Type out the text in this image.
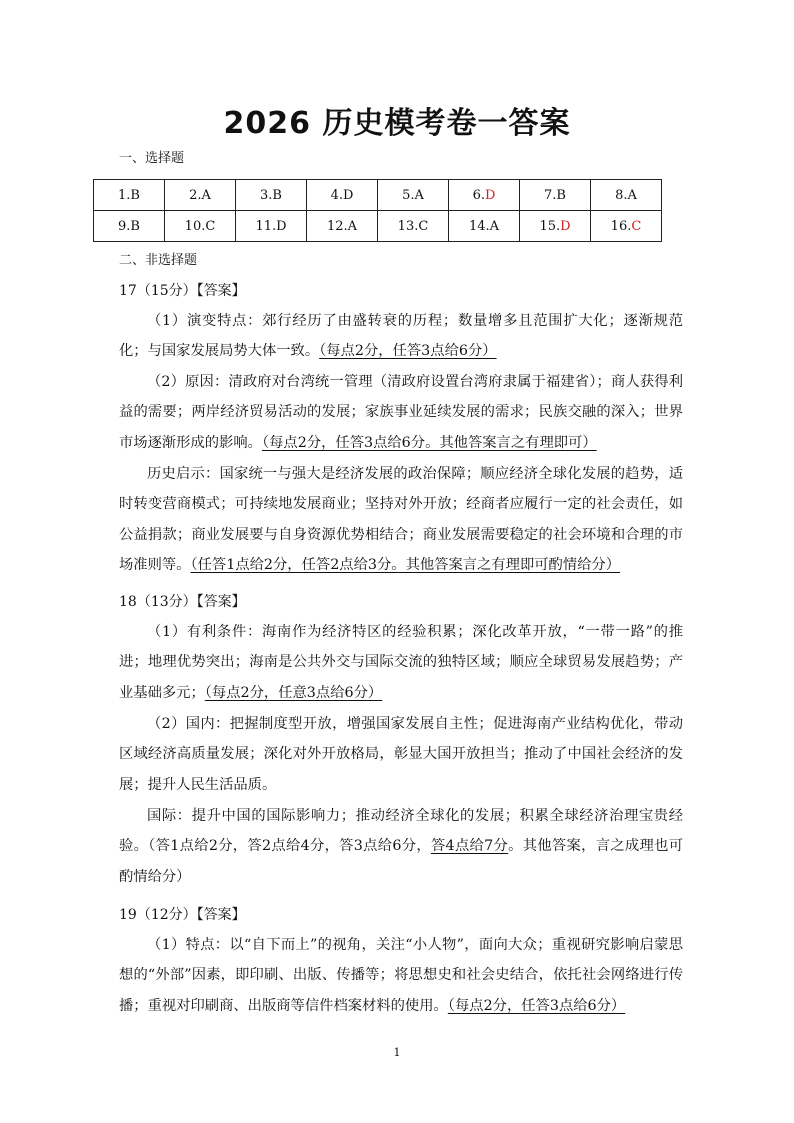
2026 历史模考卷一答案
一、选择题
1.B	2.A	3.B	4.D	5.A	6.D	7.B	8.A
9.B	10.C	11.D	12.A	13.C	14.A	15.D	16.C
二、非选择题
17（15分）【答案】
（1）演变特点：郊行经历了由盛转衰的历程；数量增多且范围扩大化；逐渐规范化；与国家发展局势大体一致。（每点2分，任答3点给6分）
（2）原因：清政府对台湾统一管理（清政府设置台湾府隶属于福建省）；商人获得利益的需要；两岸经济贸易活动的发展；家族事业延续发展的需求；民族交融的深入；世界市场逐渐形成的影响。（每点2分，任答3点给6分。其他答案言之有理即可）
历史启示：国家统一与强大是经济发展的政治保障；顺应经济全球化发展的趋势，适时转变营商模式；可持续地发展商业；坚持对外开放；经商者应履行一定的社会责任，如公益捐款；商业发展要与自身资源优势相结合；商业发展需要稳定的社会环境和合理的市场准则等。（任答1点给2分，任答2点给3分。其他答案言之有理即可酌情给分）
18（13分）【答案】
（1）有利条件：海南作为经济特区的经验积累；深化改革开放，“一带一路”的推进；地理优势突出；海南是公共外交与国际交流的独特区域；顺应全球贸易发展趋势；产业基础多元；（每点2分，任意3点给6分）
（2）国内：把握制度型开放，增强国家发展自主性；促进海南产业结构优化，带动区域经济高质量发展；深化对外开放格局，彰显大国开放担当；推动了中国社会经济的发展；提升人民生活品质。
国际：提升中国的国际影响力；推动经济全球化的发展；积累全球经济治理宝贵经验。（答1点给2分，答2点给4分，答3点给6分，答4点给7分。其他答案，言之成理也可酌情给分）
19（12分）【答案】
（1）特点：以“自下而上”的视角，关注“小人物”，面向大众；重视研究影响启蒙思想的“外部”因素，即印刷、出版、传播等；将思想史和社会史结合，依托社会网络进行传播；重视对印刷商、出版商等信件档案材料的使用。（每点2分，任答3点给6分）
1
